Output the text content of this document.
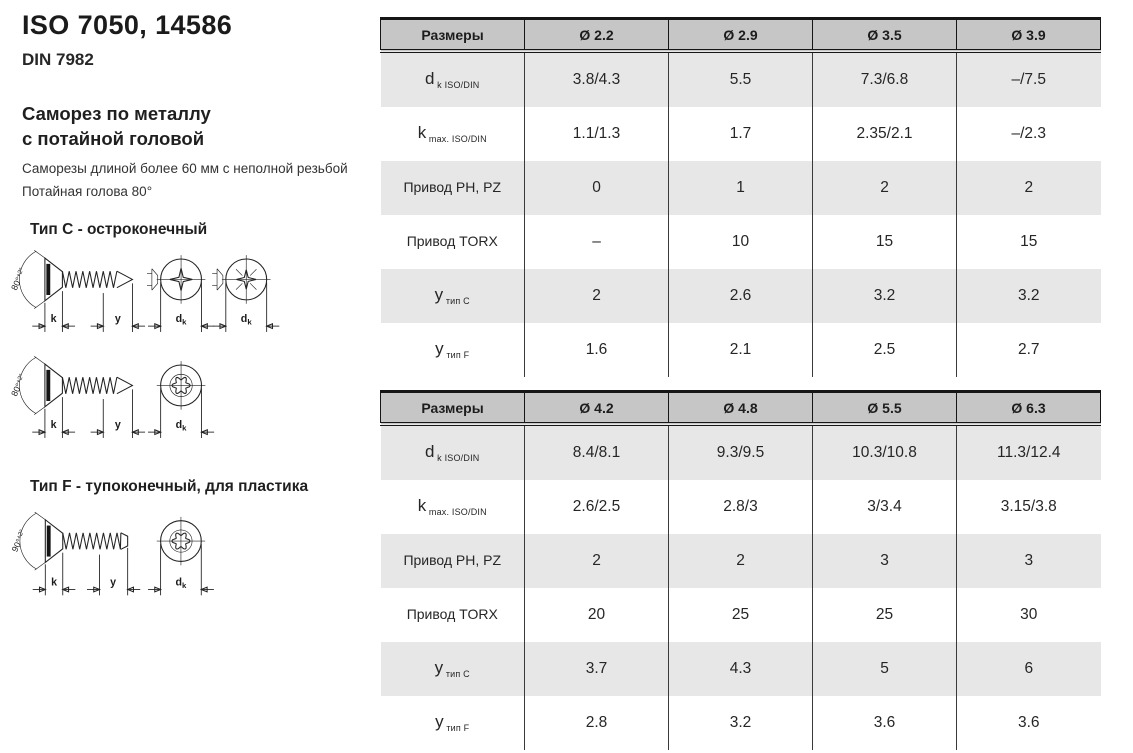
ISO 7050, 14586
DIN 7982
Саморез по металлу
с потайной головой
Саморезы длиной более 60 мм с неполной резьбой
Потайная голова 80°
Тип С - остроконечный
Тип F - тупоконечный, для пластика
80°$^{+2^\circ}$
k	y	$d_k$	$d_k$
80°$^{+2^\circ}$
k	y	$d_k$
90°$^{+2^\circ}$
k	y	$d_k$
Размеры	Ø 2.2	Ø 2.9	Ø 3.5	Ø 3.9
d $_{k ISO/DIN}$	3.8/4.3	5.5	7.3/6.8	–/7.5
k $_{max. ISO/DIN}$	1.1/1.3	1.7	2.35/2.1	–/2.3
Привод PH, PZ	0	1	2	2
Привод TORX	–	10	15	15
y $_{тип C}$	2	2.6	3.2	3.2
y $_{тип F}$	1.6	2.1	2.5	2.7
Размеры	Ø 4.2	Ø 4.8	Ø 5.5	Ø 6.3
d $_{k ISO/DIN}$	8.4/8.1	9.3/9.5	10.3/10.8	11.3/12.4
k $_{max. ISO/DIN}$	2.6/2.5	2.8/3	3/3.4	3.15/3.8
Привод PH, PZ	2	2	3	3
Привод TORX	20	25	25	30
y $_{тип C}$	3.7	4.3	5	6
y $_{тип F}$	2.8	3.2	3.6	3.6
